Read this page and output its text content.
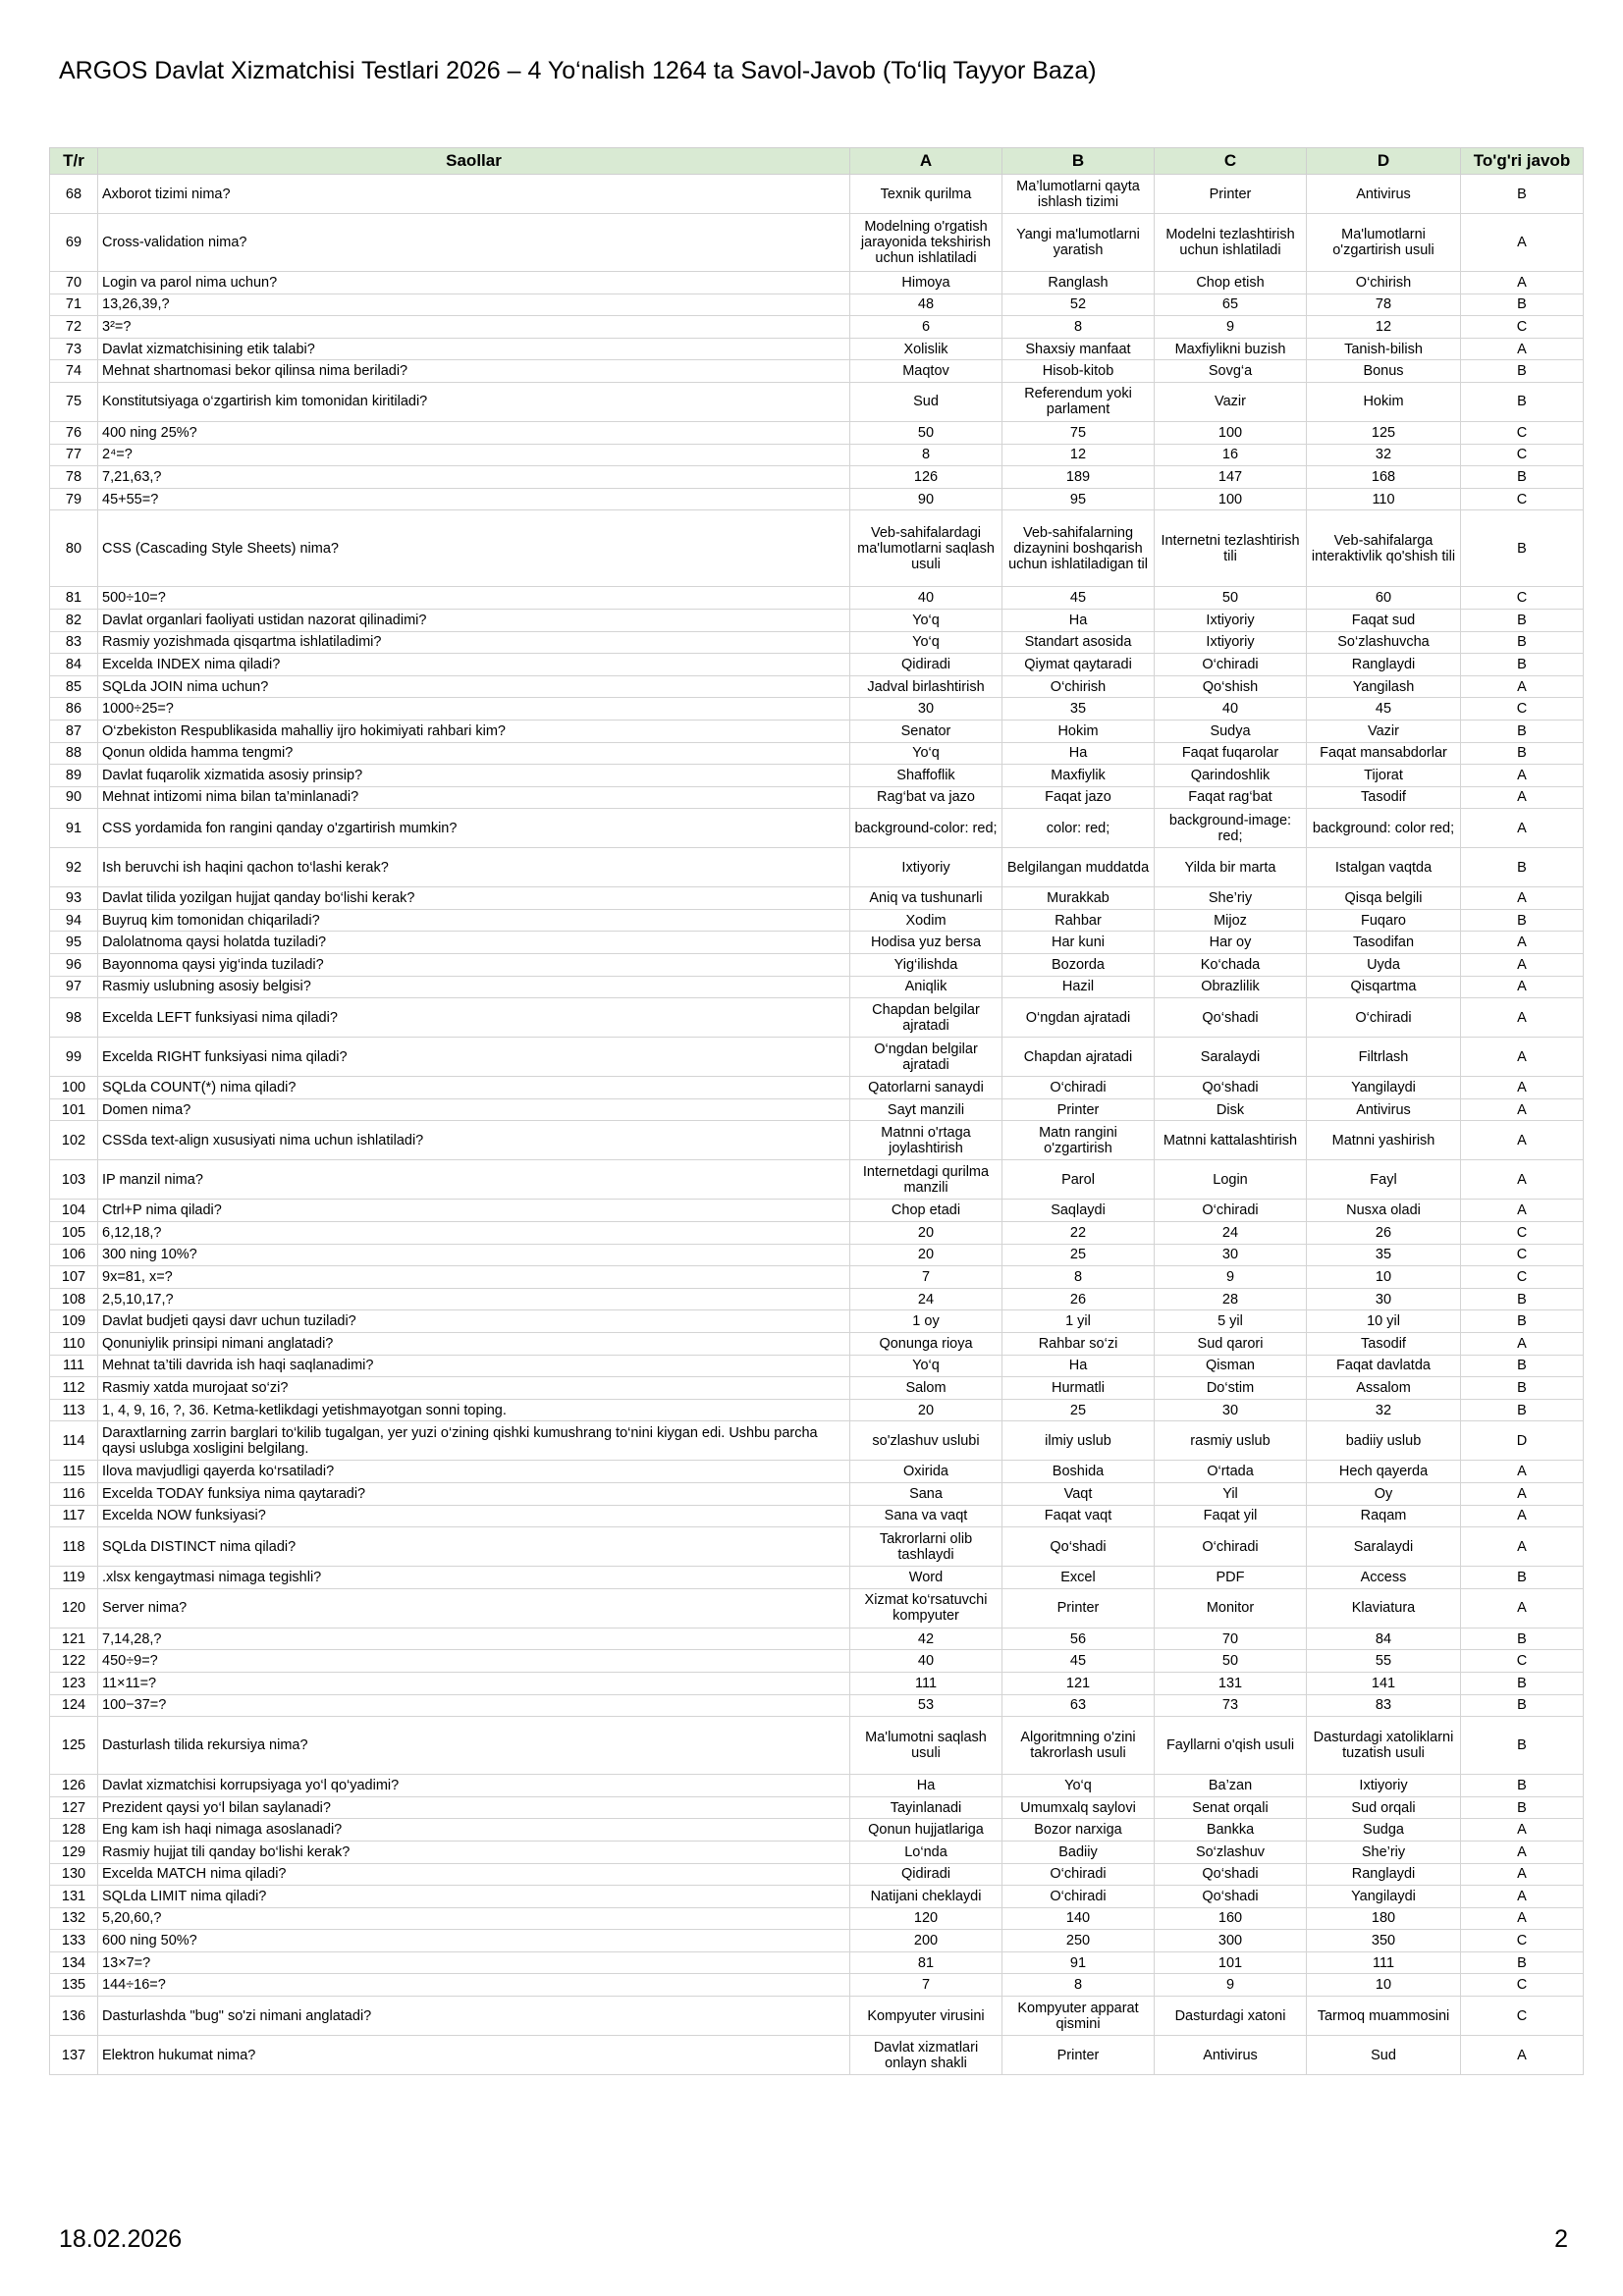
ARGOS Davlat Xizmatchisi Testlari 2026 – 4 Yo‘nalish 1264 ta Savol-Javob (To‘liq Tayyor Baza)
T/r	Saollar	A	B	C	D	To'g'ri javob
68	Axborot tizimi nima?	Texnik qurilma	Ma’lumotlarni qayta ishlash tizimi	Printer	Antivirus	B
69	Cross-validation nima?	Modelning o'rgatish jarayonida tekshirish uchun ishlatiladi	Yangi ma'lumotlarni yaratish	Modelni tezlashtirish uchun ishlatiladi	Ma'lumotlarni o'zgartirish usuli	A
70	Login va parol nima uchun?	Himoya	Ranglash	Chop etish	O‘chirish	A
71	13,26,39,?	48	52	65	78	B
72	3²=?	6	8	9	12	C
73	Davlat xizmatchisining etik talabi?	Xolislik	Shaxsiy manfaat	Maxfiylikni buzish	Tanish-bilish	A
74	Mehnat shartnomasi bekor qilinsa nima beriladi?	Maqtov	Hisob-kitob	Sovg‘a	Bonus	B
75	Konstitutsiyaga o‘zgartirish kim tomonidan kiritiladi?	Sud	Referendum yoki parlament	Vazir	Hokim	B
76	400 ning 25%?	50	75	100	125	C
77	2⁴=?	8	12	16	32	C
78	7,21,63,?	126	189	147	168	B
79	45+55=?	90	95	100	110	C
80	CSS (Cascading Style Sheets) nima?	Veb-sahifalardagi ma'lumotlarni saqlash usuli	Veb-sahifalarning dizaynini boshqarish uchun ishlatiladigan til	Internetni tezlashtirish tili	Veb-sahifalarga interaktivlik qo'shish tili	B
81	500÷10=?	40	45	50	60	C
82	Davlat organlari faoliyati ustidan nazorat qilinadimi?	Yo‘q	Ha	Ixtiyoriy	Faqat sud	B
83	Rasmiy yozishmada qisqartma ishlatiladimi?	Yo‘q	Standart asosida	Ixtiyoriy	So‘zlashuvcha	B
84	Excelda INDEX nima qiladi?	Qidiradi	Qiymat qaytaradi	O‘chiradi	Ranglaydi	B
85	SQLda JOIN nima uchun?	Jadval birlashtirish	O‘chirish	Qo‘shish	Yangilash	A
86	1000÷25=?	30	35	40	45	C
87	O‘zbekiston Respublikasida mahalliy ijro hokimiyati rahbari kim?	Senator	Hokim	Sudya	Vazir	B
88	Qonun oldida hamma tengmi?	Yo‘q	Ha	Faqat fuqarolar	Faqat mansabdorlar	B
89	Davlat fuqarolik xizmatida asosiy prinsip?	Shaffoflik	Maxfiylik	Qarindoshlik	Tijorat	A
90	Mehnat intizomi nima bilan ta’minlanadi?	Rag‘bat va jazo	Faqat jazo	Faqat rag‘bat	Tasodif	A
91	CSS yordamida fon rangini qanday o'zgartirish mumkin?	background-color: red;	color: red;	background-image: red;	background: color red;	A
92	Ish beruvchi ish haqini qachon to‘lashi kerak?	Ixtiyoriy	Belgilangan muddatda	Yilda bir marta	Istalgan vaqtda	B
93	Davlat tilida yozilgan hujjat qanday bo‘lishi kerak?	Aniq va tushunarli	Murakkab	She’riy	Qisqa belgili	A
94	Buyruq kim tomonidan chiqariladi?	Xodim	Rahbar	Mijoz	Fuqaro	B
95	Dalolatnoma qaysi holatda tuziladi?	Hodisa yuz bersa	Har kuni	Har oy	Tasodifan	A
96	Bayonnoma qaysi yig‘inda tuziladi?	Yig‘ilishda	Bozorda	Ko‘chada	Uyda	A
97	Rasmiy uslubning asosiy belgisi?	Aniqlik	Hazil	Obrazlilik	Qisqartma	A
98	Excelda LEFT funksiyasi nima qiladi?	Chapdan belgilar ajratadi	O‘ngdan ajratadi	Qo‘shadi	O‘chiradi	A
99	Excelda RIGHT funksiyasi nima qiladi?	O‘ngdan belgilar ajratadi	Chapdan ajratadi	Saralaydi	Filtrlash	A
100	SQLda COUNT(*) nima qiladi?	Qatorlarni sanaydi	O‘chiradi	Qo‘shadi	Yangilaydi	A
101	Domen nima?	Sayt manzili	Printer	Disk	Antivirus	A
102	CSSda text-align xususiyati nima uchun ishlatiladi?	Matnni o'rtaga joylashtirish	Matn rangini o'zgartirish	Matnni kattalashtirish	Matnni yashirish	A
103	IP manzil nima?	Internetdagi qurilma manzili	Parol	Login	Fayl	A
104	Ctrl+P nima qiladi?	Chop etadi	Saqlaydi	O‘chiradi	Nusxa oladi	A
105	6,12,18,?	20	22	24	26	C
106	300 ning 10%?	20	25	30	35	C
107	9x=81, x=?	7	8	9	10	C
108	2,5,10,17,?	24	26	28	30	B
109	Davlat budjeti qaysi davr uchun tuziladi?	1 oy	1 yil	5 yil	10 yil	B
110	Qonuniylik prinsipi nimani anglatadi?	Qonunga rioya	Rahbar so‘zi	Sud qarori	Tasodif	A
111	Mehnat ta’tili davrida ish haqi saqlanadimi?	Yo‘q	Ha	Qisman	Faqat davlatda	B
112	Rasmiy xatda murojaat so‘zi?	Salom	Hurmatli	Do‘stim	Assalom	B
113	1, 4, 9, 16, ?, 36. Ketma-ketlikdagi yetishmayotgan sonni toping.	20	25	30	32	B
114	Daraxtlarning zarrin barglari to‘kilib tugalgan, yer yuzi o‘zining qishki kumushrang to‘nini kiygan edi. Ushbu parcha qaysi uslubga xosligini belgilang.	so'zlashuv uslubi	ilmiy uslub	rasmiy uslub	badiiy uslub	D
115	Ilova mavjudligi qayerda ko‘rsatiladi?	Oxirida	Boshida	O‘rtada	Hech qayerda	A
116	Excelda TODAY funksiya nima qaytaradi?	Sana	Vaqt	Yil	Oy	A
117	Excelda NOW funksiyasi?	Sana va vaqt	Faqat vaqt	Faqat yil	Raqam	A
118	SQLda DISTINCT nima qiladi?	Takrorlarni olib tashlaydi	Qo‘shadi	O‘chiradi	Saralaydi	A
119	.xlsx kengaytmasi nimaga tegishli?	Word	Excel	PDF	Access	B
120	Server nima?	Xizmat ko‘rsatuvchi kompyuter	Printer	Monitor	Klaviatura	A
121	7,14,28,?	42	56	70	84	B
122	450÷9=?	40	45	50	55	C
123	11×11=?	111	121	131	141	B
124	100−37=?	53	63	73	83	B
125	Dasturlash tilida rekursiya nima?	Ma'lumotni saqlash usuli	Algoritmning o'zini takrorlash usuli	Fayllarni o'qish usuli	Dasturdagi xatoliklarni tuzatish usuli	B
126	Davlat xizmatchisi korrupsiyaga yo‘l qo‘yadimi?	Ha	Yo‘q	Ba’zan	Ixtiyoriy	B
127	Prezident qaysi yo‘l bilan saylanadi?	Tayinlanadi	Umumxalq saylovi	Senat orqali	Sud orqali	B
128	Eng kam ish haqi nimaga asoslanadi?	Qonun hujjatlariga	Bozor narxiga	Bankka	Sudga	A
129	Rasmiy hujjat tili qanday bo‘lishi kerak?	Lo‘nda	Badiiy	So‘zlashuv	She’riy	A
130	Excelda MATCH nima qiladi?	Qidiradi	O‘chiradi	Qo‘shadi	Ranglaydi	A
131	SQLda LIMIT nima qiladi?	Natijani cheklaydi	O‘chiradi	Qo‘shadi	Yangilaydi	A
132	5,20,60,?	120	140	160	180	A
133	600 ning 50%?	200	250	300	350	C
134	13×7=?	81	91	101	111	B
135	144÷16=?	7	8	9	10	C
136	Dasturlashda "bug" so'zi nimani anglatadi?	Kompyuter virusini	Kompyuter apparat qismini	Dasturdagi xatoni	Tarmoq muammosini	C
137	Elektron hukumat nima?	Davlat xizmatlari onlayn shakli	Printer	Antivirus	Sud	A
18.02.2026	2
